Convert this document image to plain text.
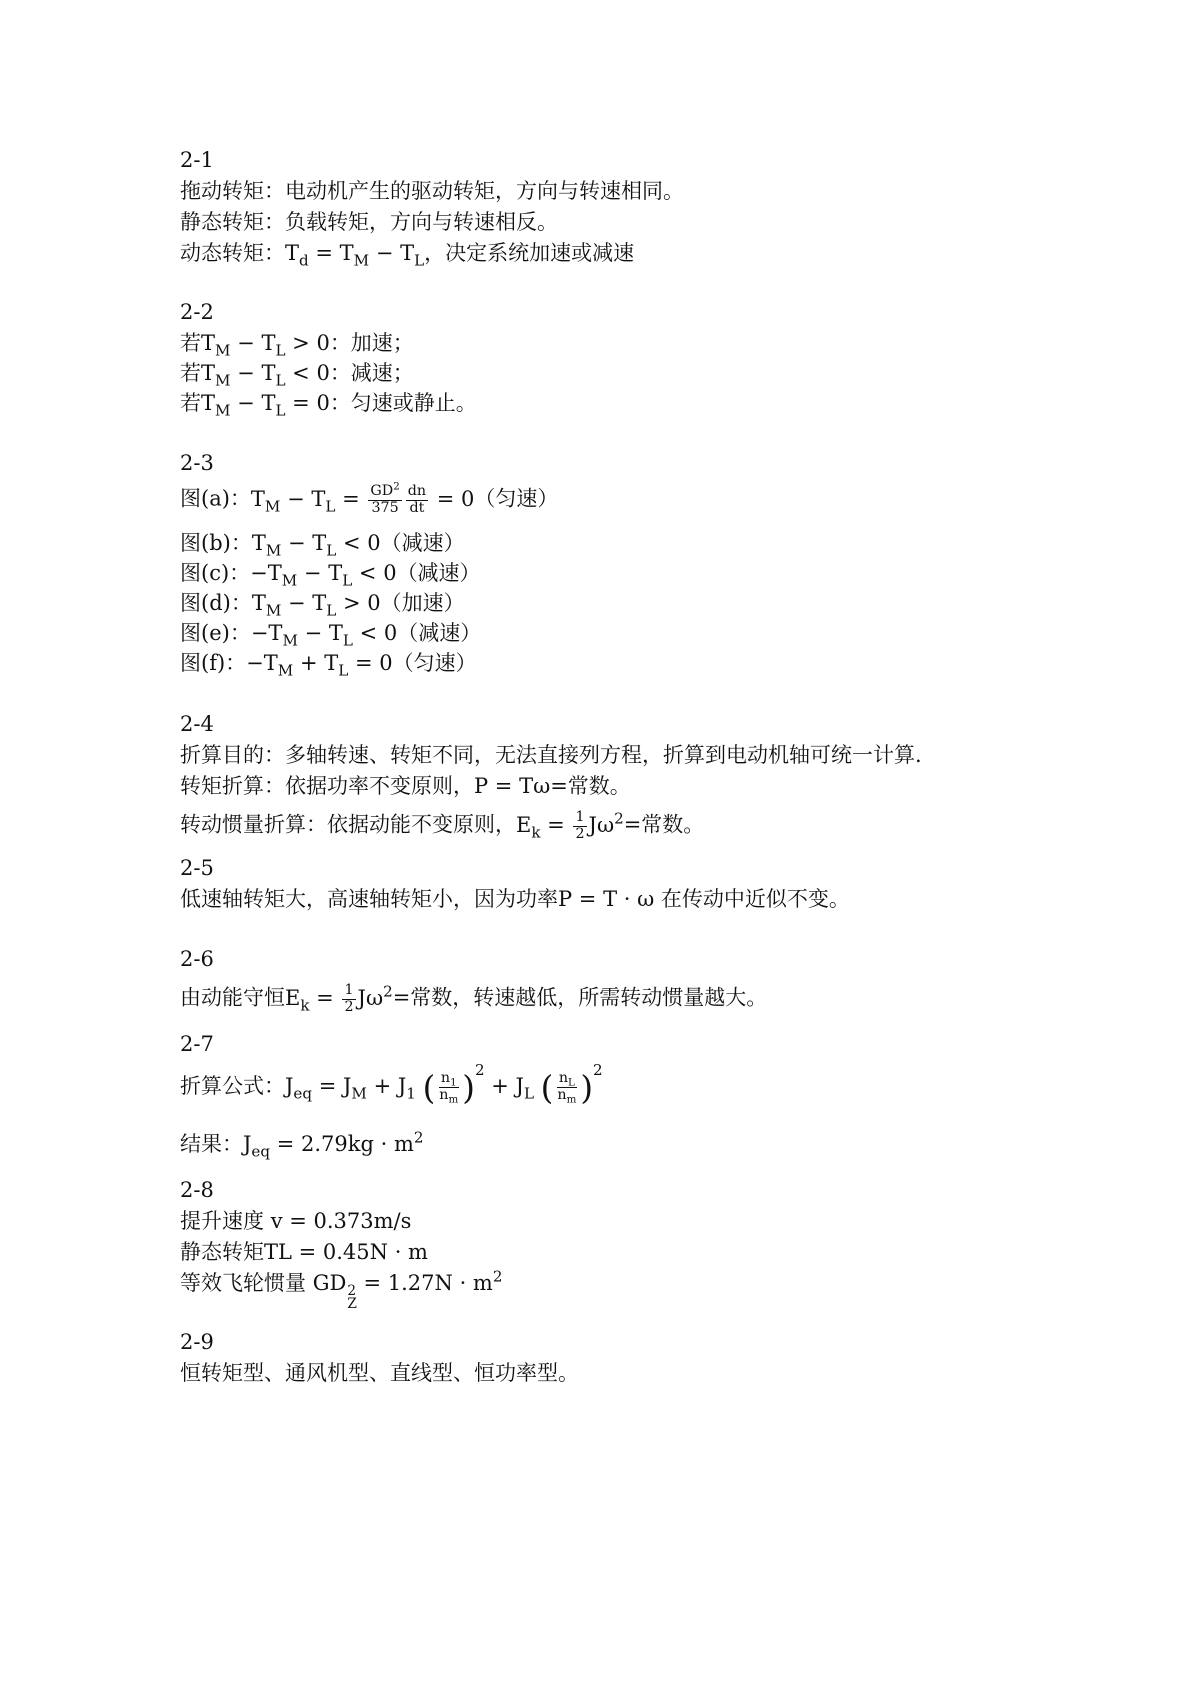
2-1
拖动转矩：电动机产生的驱动转矩，方向与转速相同。
静态转矩：负载转矩，方向与转速相反。
动态转矩：$T_d = T_M - T_L$，决定系统加速或减速
2-2
若$T_M - T_L > 0$：加速；
若$T_M - T_L < 0$：减速；
若$T_M - T_L = 0$：匀速或静止。
2-3
图(a)：$T_M - T_L = \frac{GD^2}{375} \frac{dn}{dt} = 0$（匀速）
图(b)：$T_M - T_L < 0$（减速）
图(c)：$-T_M - T_L < 0$（减速）
图(d)：$T_M - T_L > 0$（加速）
图(e)：$-T_M - T_L < 0$（减速）
图(f)：$-T_M + T_L = 0$（匀速）
2-4
折算目的：多轴转速、转矩不同，无法直接列方程，折算到电动机轴可统一计算.
转矩折算：依据功率不变原则，P = Tω=常数。
转动惯量折算：依据动能不变原则，$E_k = \frac{1}{2} J\omega^2=$常数。
2-5
低速轴转矩大，高速轴转矩小，因为功率P = T · ω 在传动中近似不变。
2-6
由动能守恒$E_k = \frac{1}{2} J\omega^2=$常数，转速越低，所需转动惯量越大。
2-7
折算公式：$J_{eq} = J_M + J_1$ ( $\frac{n_1}{n_m}$ ) $^2 + J_L$ ( $\frac{n_L}{n_m}$ ) $^2$
结果：$J_{eq} = 2.79kg \cdot m^2$
2-8
提升速度 v = 0.373m/s
静态转矩TL = 0.45N · m
等效飞轮惯量 GD 2
Z
= $1.27N \cdot m^2$
2-9
恒转矩型、通风机型、直线型、恒功率型。
